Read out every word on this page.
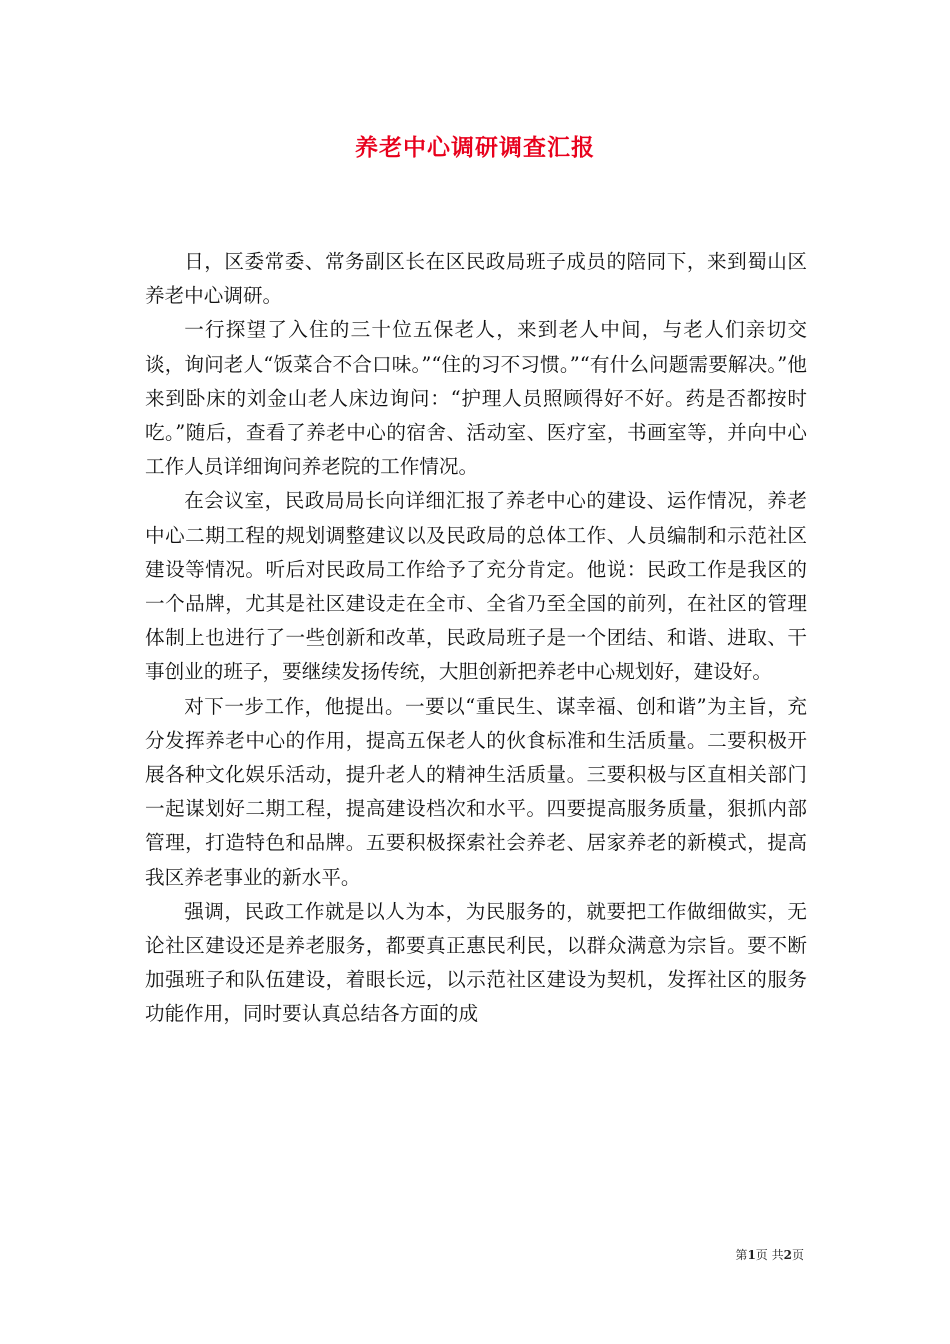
养老中心调研调查汇报

日，区委常委、常务副区长在区民政局班子成员的陪同下，来到蜀山区养老中心调研。

一行探望了入住的三十位五保老人，来到老人中间，与老人们亲切交谈，询问老人“饭菜合不合口味。”“住的习不习惯。”“有什么问题需要解决。”他来到卧床的刘金山老人床边询问：“护理人员照顾得好不好。药是否都按时吃。”随后，查看了养老中心的宿舍、活动室、医疗室，书画室等，并向中心工作人员详细询问养老院的工作情况。

在会议室，民政局局长向详细汇报了养老中心的建设、运作情况，养老中心二期工程的规划调整建议以及民政局的总体工作、人员编制和示范社区建设等情况。听后对民政局工作给予了充分肯定。他说：民政工作是我区的一个品牌，尤其是社区建设走在全市、全省乃至全国的前列，在社区的管理体制上也进行了一些创新和改革，民政局班子是一个团结、和谐、进取、干事创业的班子，要继续发扬传统，大胆创新把养老中心规划好，建设好。

对下一步工作，他提出。一要以“重民生、谋幸福、创和谐”为主旨，充分发挥养老中心的作用，提高五保老人的伙食标准和生活质量。二要积极开展各种文化娱乐活动，提升老人的精神生活质量。三要积极与区直相关部门一起谋划好二期工程，提高建设档次和水平。四要提高服务质量，狠抓内部管理，打造特色和品牌。五要积极探索社会养老、居家养老的新模式，提高我区养老事业的新水平。

强调，民政工作就是以人为本，为民服务的，就要把工作做细做实，无论社区建设还是养老服务，都要真正惠民利民，以群众满意为宗旨。要不断加强班子和队伍建设，着眼长远，以示范社区建设为契机，发挥社区的服务功能作用，同时要认真总结各方面的成

第1页 共2页
